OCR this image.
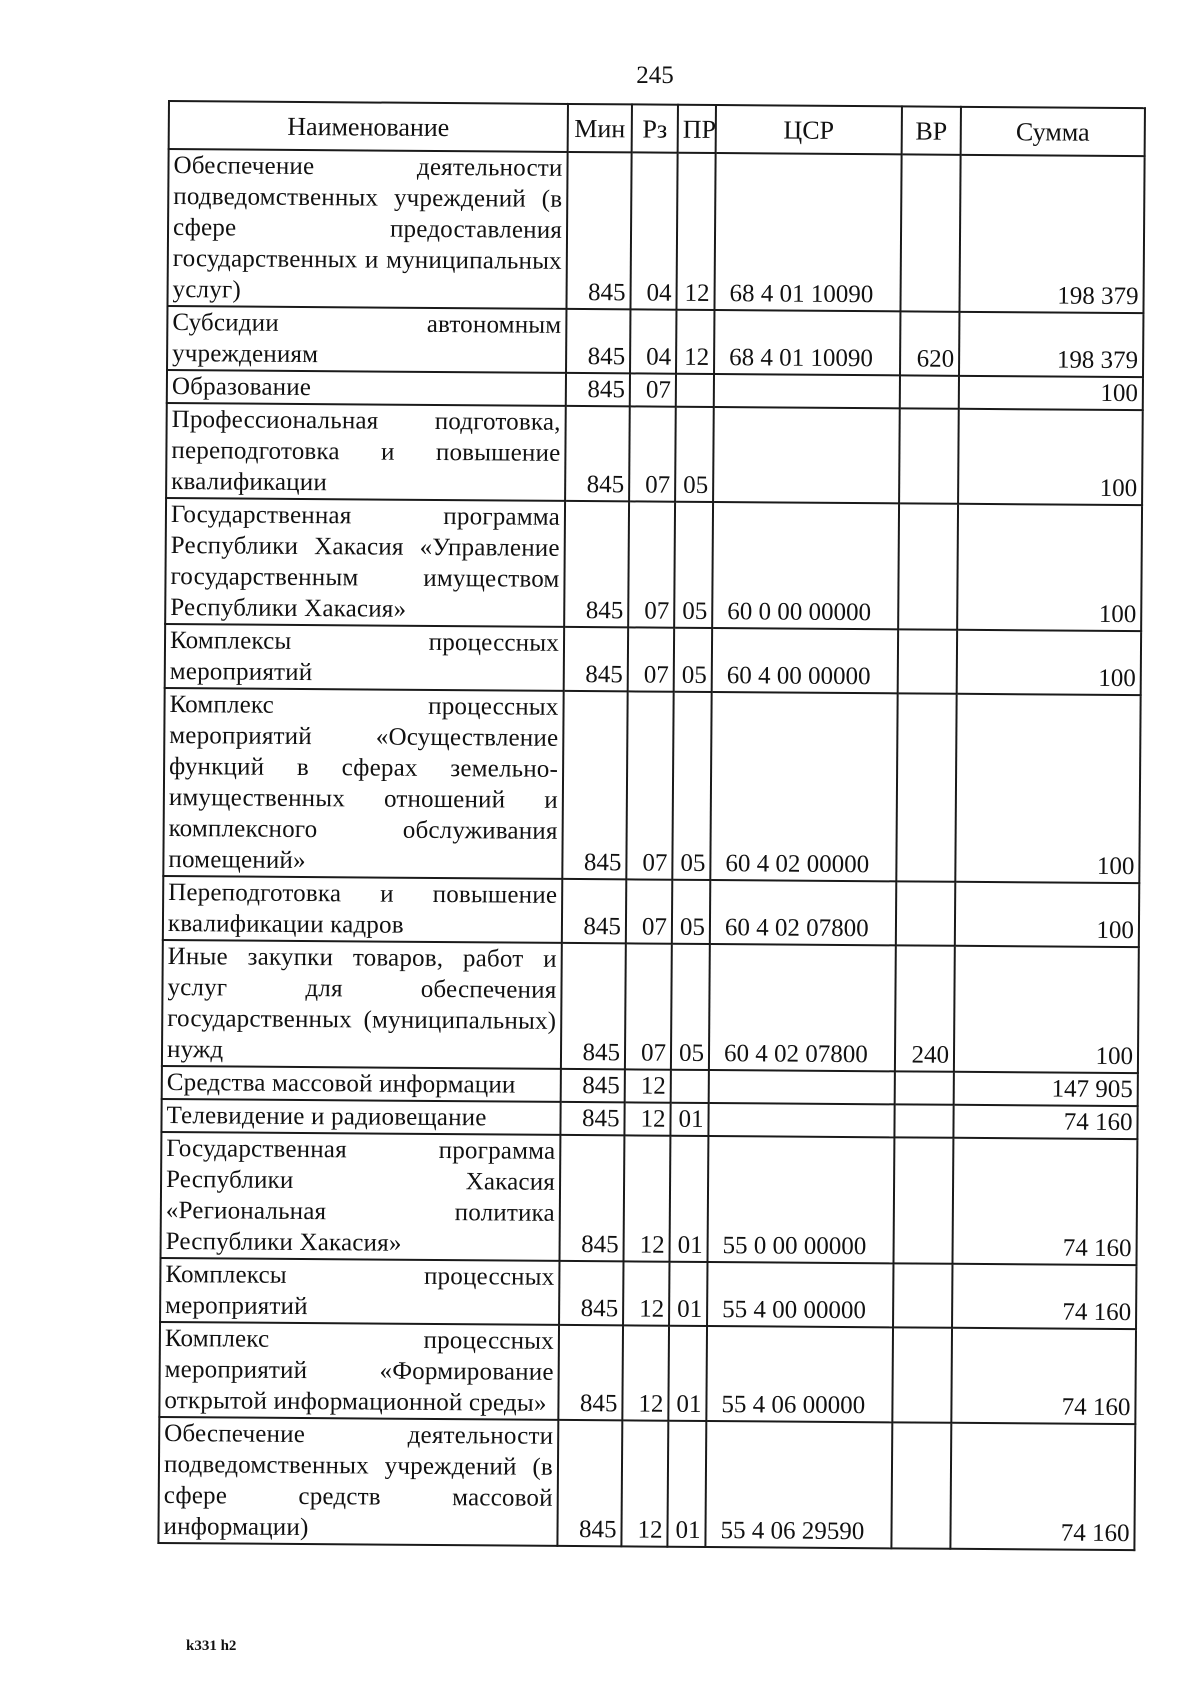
245
Наименование	Мин	Рз	ПР	ЦСР	ВР	Сумма
Обеспечение деятельности подведомственных учреждений (в сфере предоставления государственных и муниципальных услуг)	845	04	12	68 4 01 10090		198 379
Субсидии автономным учреждениям	845	04	12	68 4 01 10090	620	198 379
Образование	845	07				100
Профессиональная подготовка, переподготовка и повышение квалификации	845	07	05			100
Государственная программа Республики Хакасия «Управление государственным имуществом Республики Хакасия»	845	07	05	60 0 00 00000		100
Комплексы процессных мероприятий	845	07	05	60 4 00 00000		100
Комплекс процессных мероприятий «Осуществление функций в сферах земельно-имущественных отношений и комплексного обслуживания помещений»	845	07	05	60 4 02 00000		100
Переподготовка и повышение квалификации кадров	845	07	05	60 4 02 07800		100
Иные закупки товаров, работ и услуг для обеспечения государственных (муниципальных) нужд	845	07	05	60 4 02 07800	240	100
Средства массовой информации	845	12				147 905
Телевидение и радиовещание	845	12	01			74 160
Государственная программа Республики Хакасия «Региональная политика Республики Хакасия»	845	12	01	55 0 00 00000		74 160
Комплексы процессных мероприятий	845	12	01	55 4 00 00000		74 160
Комплекс процессных мероприятий «Формирование открытой информационной среды»	845	12	01	55 4 06 00000		74 160
Обеспечение деятельности подведомственных учреждений (в сфере средств массовой информации)	845	12	01	55 4 06 29590		74 160
k331 h2
